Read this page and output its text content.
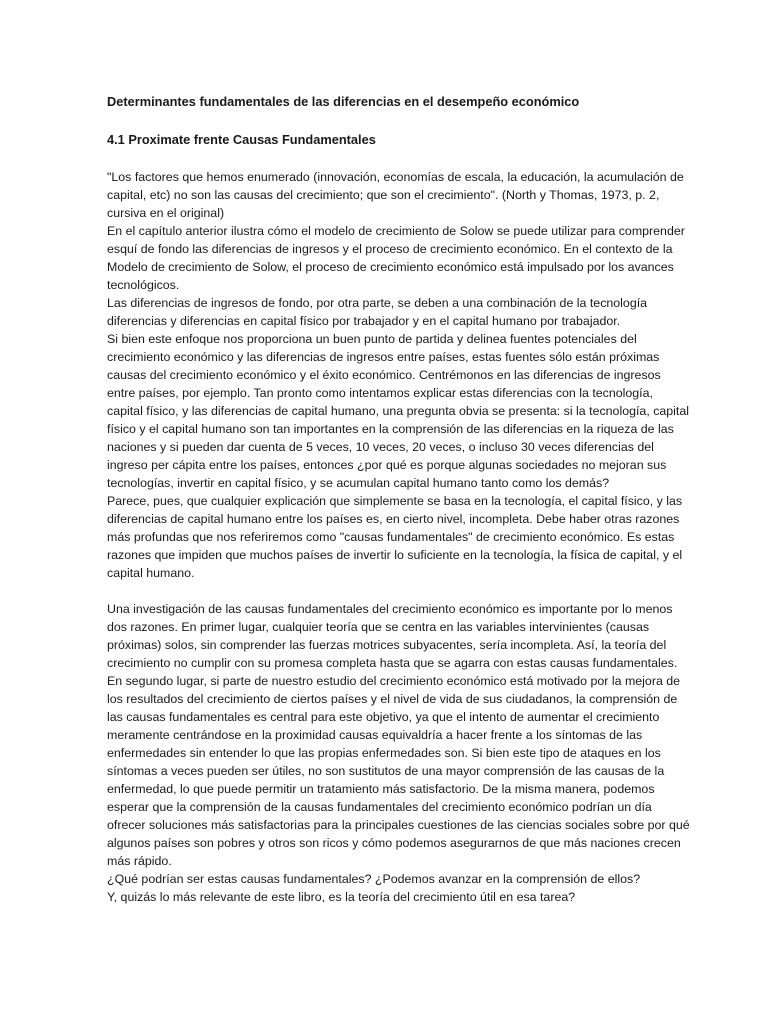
Determinantes fundamentales de las diferencias en el desempeño económico
4.1 Proximate frente Causas Fundamentales

"Los factores que hemos enumerado (innovación, economías de escala, la educación, la acumulación de capital, etc) no son las causas del crecimiento; que son el crecimiento". (North y Thomas, 1973, p. 2, cursiva en el original)

En el capítulo anterior ilustra cómo el modelo de crecimiento de Solow se puede utilizar para comprender esquí de fondo las diferencias de ingresos y el proceso de crecimiento económico. En el contexto de la Modelo de crecimiento de Solow, el proceso de crecimiento económico está impulsado por los avances tecnológicos.

Las diferencias de ingresos de fondo, por otra parte, se deben a una combinación de la tecnología diferencias y diferencias en capital físico por trabajador y en el capital humano por trabajador.

Si bien este enfoque nos proporciona un buen punto de partida y delinea fuentes potenciales del crecimiento económico y las diferencias de ingresos entre países, estas fuentes sólo están próximas causas del crecimiento económico y el éxito económico. Centrémonos en las diferencias de ingresos entre países, por ejemplo. Tan pronto como intentamos explicar estas diferencias con la tecnología, capital físico, y las diferencias de capital humano, una pregunta obvia se presenta: si la tecnología, capital físico y el capital humano son tan importantes en la comprensión de las diferencias en la riqueza de las naciones y si pueden dar cuenta de 5 veces, 10 veces, 20 veces, o incluso 30 veces diferencias del ingreso per cápita entre los países, entonces ¿por qué es porque algunas sociedades no mejoran sus tecnologías, invertir en capital físico, y se acumulan capital humano tanto como los demás?

Parece, pues, que cualquier explicación que simplemente se basa en la tecnología, el capital físico, y las diferencias de capital humano entre los países es, en cierto nivel, incompleta. Debe haber otras razones más profundas que nos referiremos como "causas fundamentales" de crecimiento económico. Es estas razones que impiden que muchos países de invertir lo suficiente en la tecnología, la física de capital, y el capital humano.

Una investigación de las causas fundamentales del crecimiento económico es importante por lo menos dos razones. En primer lugar, cualquier teoría que se centra en las variables intervinientes (causas próximas) solos, sin comprender las fuerzas motrices subyacentes, sería incompleta. Así, la teoría del crecimiento no cumplir con su promesa completa hasta que se agarra con estas causas fundamentales. En segundo lugar, si parte de nuestro estudio del crecimiento económico está motivado por la mejora de los resultados del crecimiento de ciertos países y el nivel de vida de sus ciudadanos, la comprensión de las causas fundamentales es central para este objetivo, ya que el intento de aumentar el crecimiento meramente centrándose en la proximidad causas equivaldría a hacer frente a los síntomas de las enfermedades sin entender lo que las propias enfermedades son. Si bien este tipo de ataques en los síntomas a veces pueden ser útiles, no son sustitutos de una mayor comprensión de las causas de la enfermedad, lo que puede permitir un tratamiento más satisfactorio. De la misma manera, podemos esperar que la comprensión de la causas fundamentales del crecimiento económico podrían un día ofrecer soluciones más satisfactorias para la principales cuestiones de las ciencias sociales sobre por qué algunos países son pobres y otros son ricos y cómo podemos asegurarnos de que más naciones crecen más rápido.

¿Qué podrían ser estas causas fundamentales? ¿Podemos avanzar en la comprensión de ellos?

Y, quizás lo más relevante de este libro, es la teoría del crecimiento útil en esa tarea?
